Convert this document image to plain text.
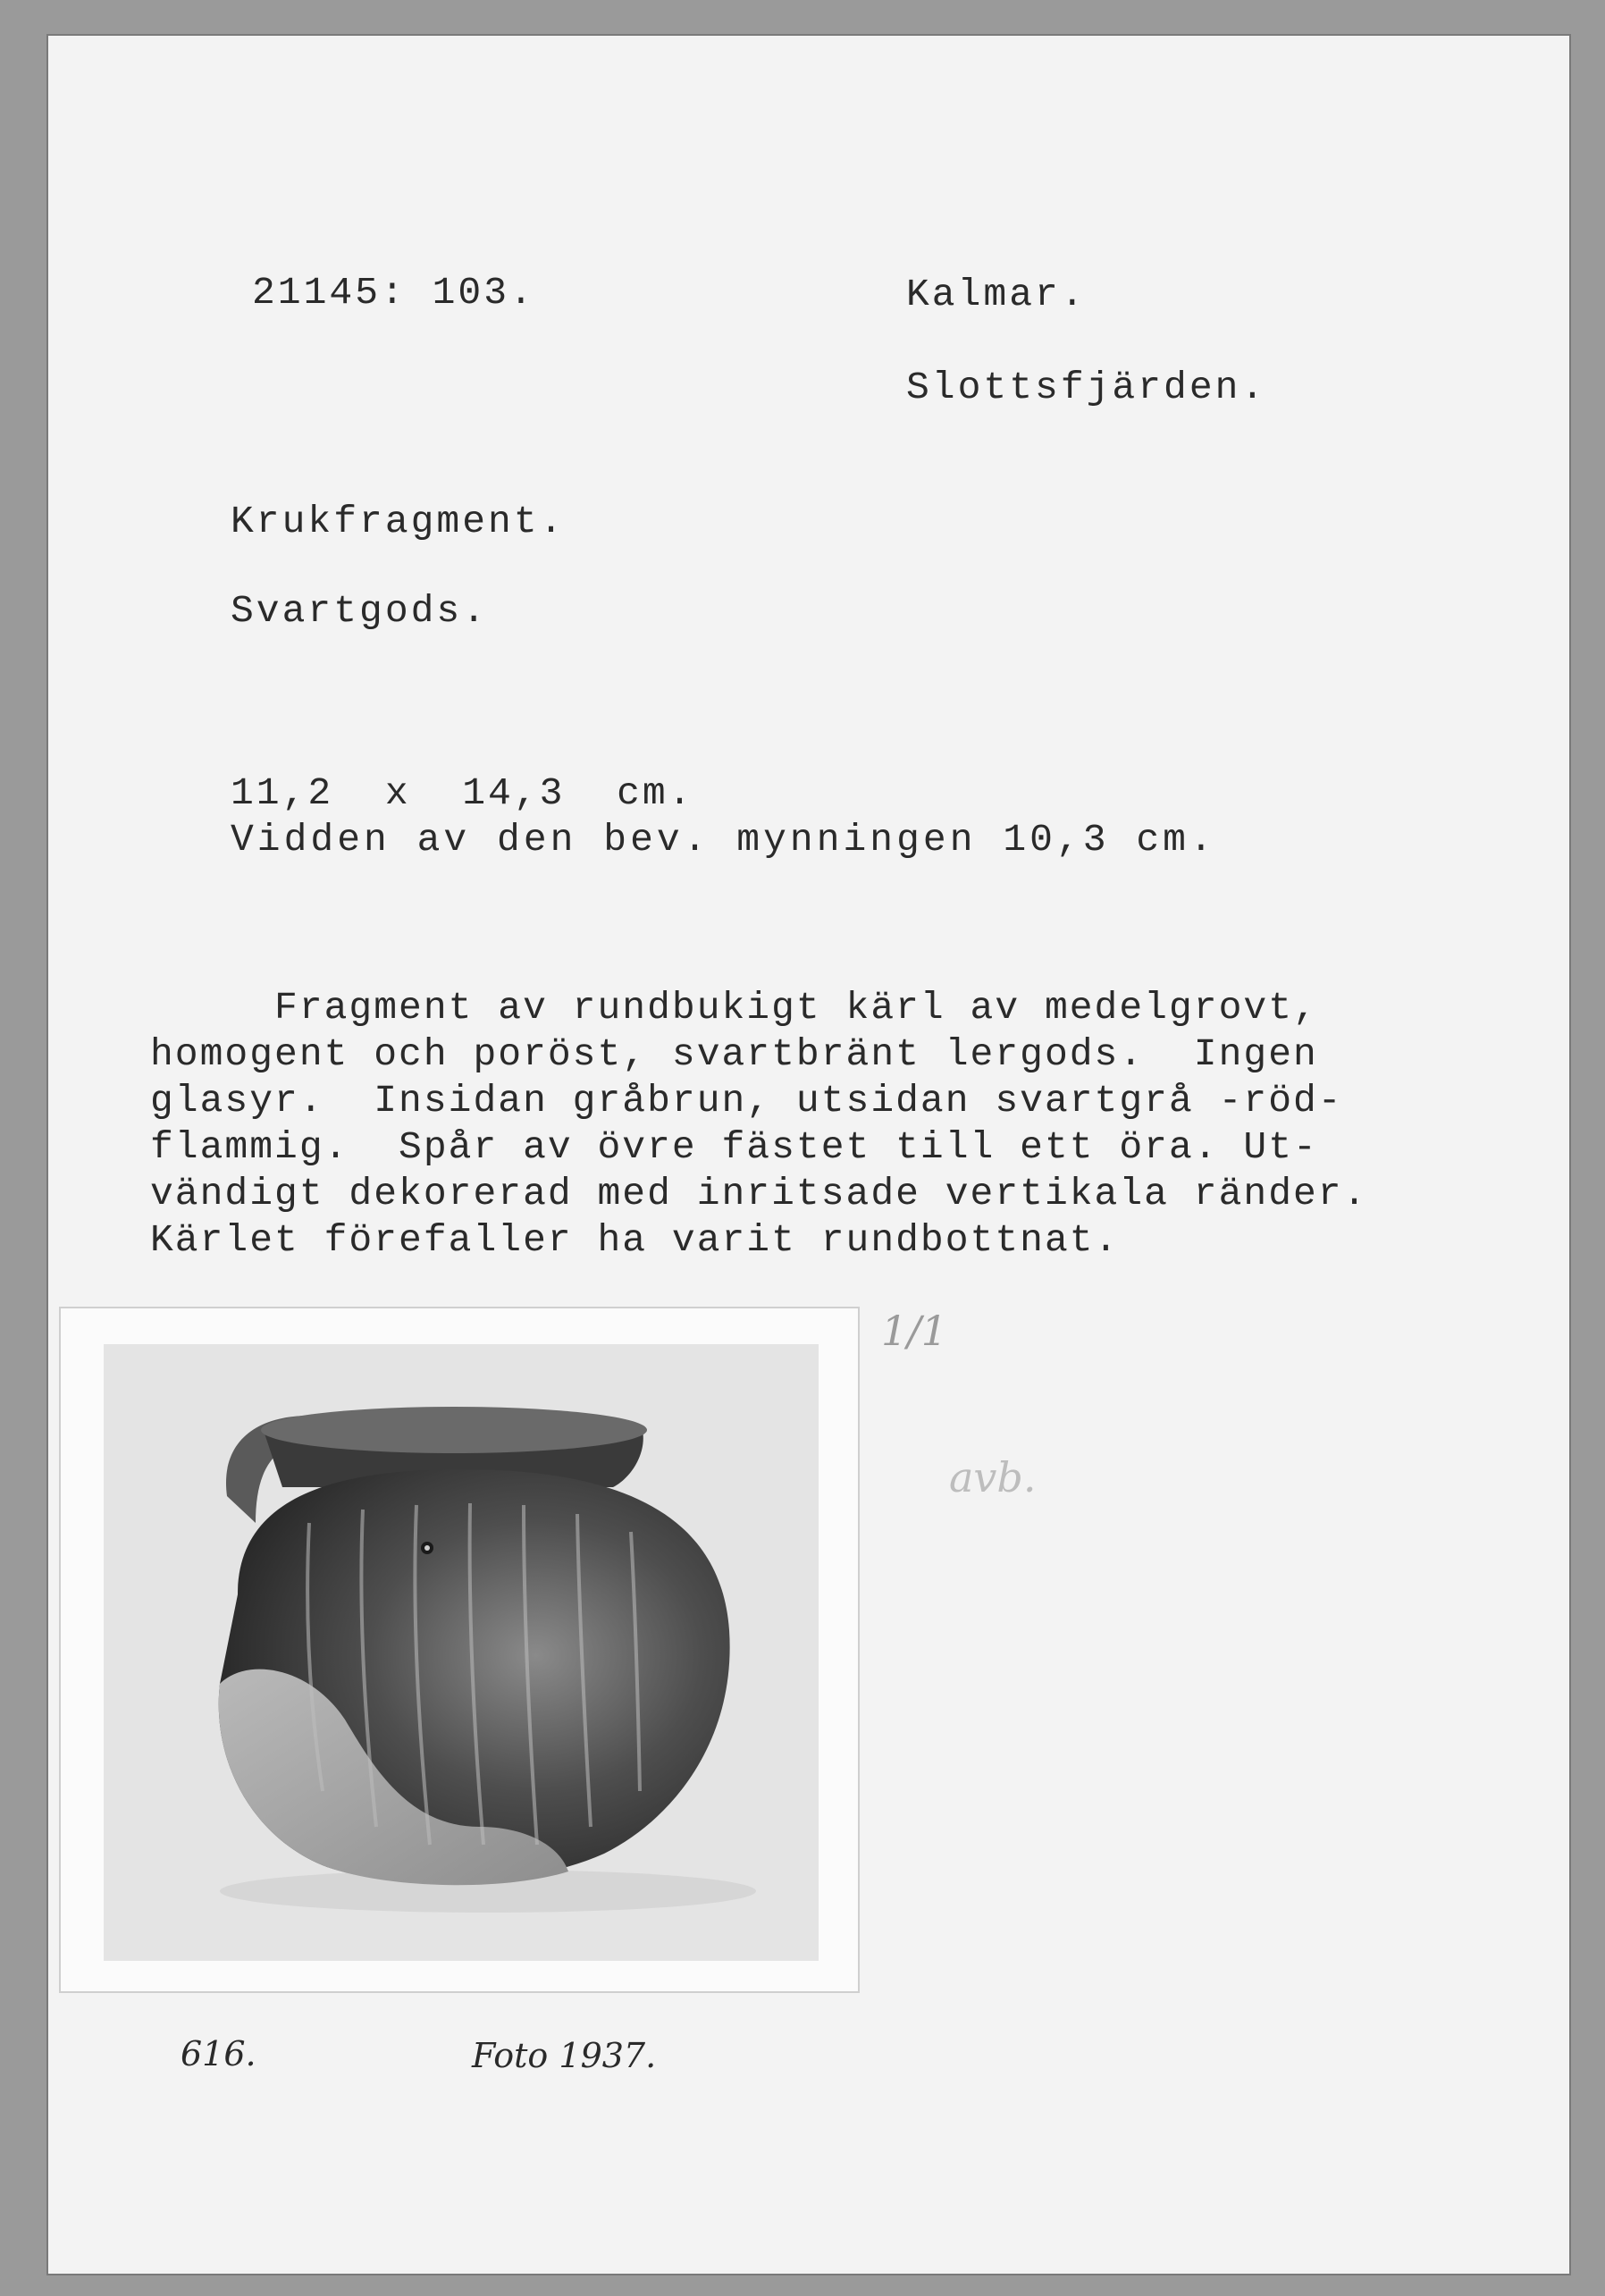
21145: 103.	Kalmar.
Slottsfjärden.
Krukfragment.
Svartgods.
11,2  x  14,3  cm.
Vidden av den bev. mynningen 10,3 cm.
Fragment av rundbukigt kärl av medelgrovt,
homogent och poröst, svartbränt lergods.  Ingen
glasyr.  Insidan gråbrun, utsidan svartgrå -röd-
flammig.  Spår av övre fästet till ett öra. Ut-
vändigt dekorerad med inritsade vertikala ränder.
Kärlet förefaller ha varit rundbottnat.
1/1
avb.
616.	Foto 1937.
